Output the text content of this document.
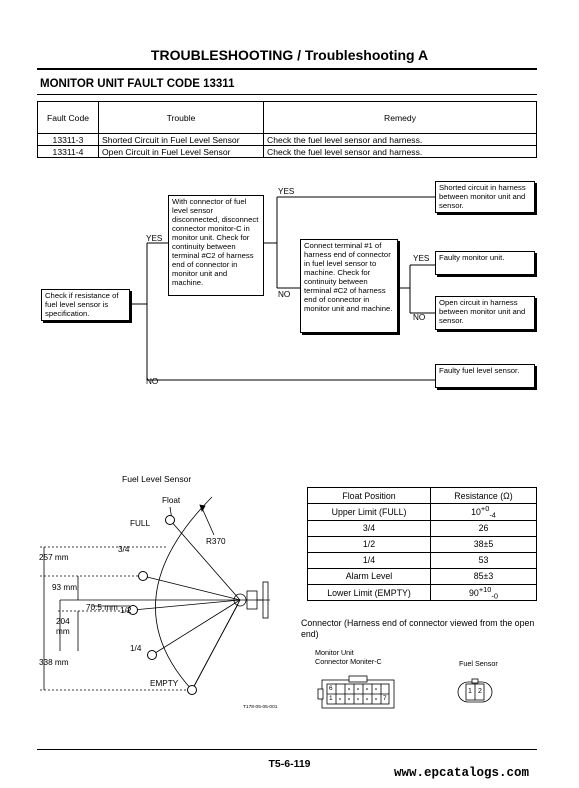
TROUBLESHOOTING / Troubleshooting A
MONITOR UNIT FAULT CODE 13311
Fault Code	Trouble	Remedy
13311-3	Shorted Circuit in Fuel Level Sensor	Check the fuel level sensor and harness.
13311-4	Open Circuit in Fuel Level Sensor	Check the fuel level sensor and harness.
Check if resistance of fuel level sensor is specification.
With connector of fuel level sensor disconnected, disconnect connector monitor-C in monitor unit. Check for continuity between terminal #C2 of harness end of connector in monitor unit and machine.
Connect terminal #1 of harness end of connector in fuel level sensor to machine. Check for continuity between terminal #C2 of harness end of connector in monitor unit and machine.
Shorted circuit in harness between monitor unit and sensor.
Faulty monitor unit.
Open circuit in harness between monitor unit and sensor.
Faulty fuel level sensor.
YES
NO
YES
NO
YES
NO
Fuel Level Sensor
Float
FULL
3/4
1/2
1/4
EMPTY
R370
257 mm
93 mm
70.5 mm
204
mm
338 mm
T178-05-05-001
Float Position	Resistance (Ω)
Upper Limit (FULL)	$10^{+0}_{-4}$
3/4	26
1/2	38±5
1/4	53
Alarm Level	85±3
Lower Limit (EMPTY)	$90^{+10}_{-0}$
Connector (Harness end of connector viewed from the open end)
Monitor Unit
Connector Moniter-C
6
1	7
Fuel Sensor
1 2
T5-6-119
www.epcatalogs.com
